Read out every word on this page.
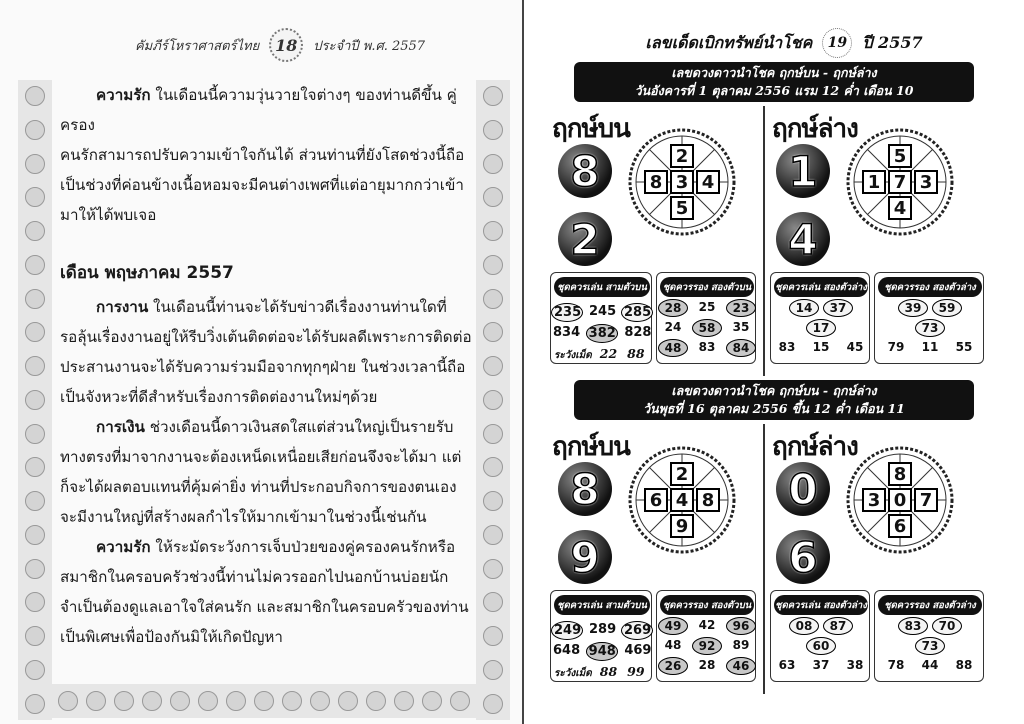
คัมภีร์โหราศาสตร์ไทย 18	ประจำปี พ.ศ. 2557
ความรัก ในเดือนนี้ความวุ่นวายใจต่างๆ ของท่านดีขึ้น คู่ครอง
คนรักสามารถปรับความเข้าใจกันได้ ส่วนท่านที่ยังโสดช่วงนี้ถือ
เป็นช่วงที่ค่อนข้างเนื้อหอมจะมีคนต่างเพศที่แต่อายุมากกว่าเข้า
มาให้ได้พบเจอ
เดือน พฤษภาคม 2557
การงาน ในเดือนนี้ท่านจะได้รับข่าวดีเรื่องงานท่านใดที่
รอลุ้นเรื่องงานอยู่ให้รีบวิ่งเต้นติดต่อจะได้รับผลดีเพราะการติดต่อ
ประสานงานจะได้รับความร่วมมือจากทุกๆฝ่าย ในช่วงเวลานี้ถือ
เป็นจังหวะที่ดีสำหรับเรื่องการติดต่องานใหม่ๆด้วย
การเงิน ช่วงเดือนนี้ดาวเงินสดใสแต่ส่วนใหญ่เป็นรายรับ
ทางตรงที่มาจากงานจะต้องเหน็ดเหนื่อยเสียก่อนจึงจะได้มา แต่
ก็จะได้ผลตอบแทนที่คุ้มค่ายิ่ง ท่านที่ประกอบกิจการของตนเอง
จะมีงานใหญ่ที่สร้างผลกำไรให้มากเข้ามาในช่วงนี้เช่นกัน
ความรัก ให้ระมัดระวังการเจ็บป่วยของคู่ครองคนรักหรือ
สมาชิกในครอบครัวช่วงนี้ท่านไม่ควรออกไปนอกบ้านบ่อยนัก
จำเป็นต้องดูแลเอาใจใส่คนรัก และสมาชิกในครอบครัวของท่าน
เป็นพิเศษเพื่อป้องกันมิให้เกิดปัญหา
เลขเด็ดเบิกทรัพย์นำโชค	19 ปี 2557
เลขดวงดาวนำโชค ฤกษ์บน - ฤกษ์ล่าง
วันอังคารที่ 1 ตุลาคม 2556 แรม 12 ค่ำ เดือน 10
ฤกษ์บน	ฤกษ์ล่าง
8	1
2	4
2
8 3 4
5
5
1 7 3
4
ชุดควรเล่น สามตัวบน
235 245 285
834 382 828
ชุดควรรอง สองตัวบน
28	25	23
24	58	35
48	83	84
ชุดควรเล่น สองตัวล่าง
14	37
17
83	15	45
ชุดควรรอง สองตัวล่าง
39	59
73
79	11	55
ระวังเม็ด 22 88
เลขดวงดาวนำโชค ฤกษ์บน - ฤกษ์ล่าง
วันพุธที่ 16 ตุลาคม 2556 ขึ้น 12 ค่ำ เดือน 11
ฤกษ์บน	ฤกษ์ล่าง
8	0
9	6
2
6 4 8
9
8
3 0 7
6
ชุดควรเล่น สามตัวบน
249 289 269
648 948 469
ชุดควรรอง สองตัวบน
49	42	96
48	92	89
26	28	46
ชุดควรเล่น สองตัวล่าง
08	87
60
63	37	38
ชุดควรรอง สองตัวล่าง
83	70
73
78	44	88
ระวังเม็ด 88 99
